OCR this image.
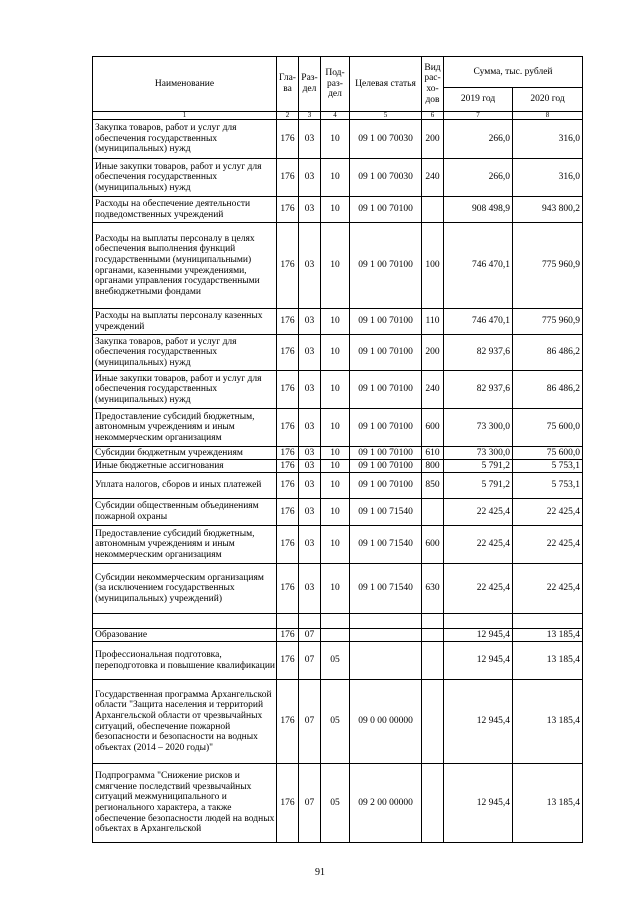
Наименование	Гла-ва	Раз-дел	Под-раз-дел	Целевая статья	Вид рас-хо-дов	Сумма, тыс. рублей	
						2019 год	2020 год
1	2	3	4	5	6	7	8
Закупка товаров, работ и услуг для обеспечения государственных (муниципальных) нужд	176	03	10	09 1 00 70030	200	266,0	316,0
Иные закупки товаров, работ и услуг для обеспечения государственных (муниципальных) нужд	176	03	10	09 1 00 70030	240	266,0	316,0
Расходы на обеспечение деятельности подведомственных учреждений	176	03	10	09 1 00 70100		908 498,9	943 800,2
Расходы на выплаты персоналу в целях обеспечения выполнения функций государственными (муниципальными) органами, казенными учреждениями, органами управления государственными внебюджетными фондами	176	03	10	09 1 00 70100	100	746 470,1	775 960,9
Расходы на выплаты персоналу казенных учреждений	176	03	10	09 1 00 70100	110	746 470,1	775 960,9
Закупка товаров, работ и услуг для обеспечения государственных (муниципальных) нужд	176	03	10	09 1 00 70100	200	82 937,6	86 486,2
Иные закупки товаров, работ и услуг для обеспечения государственных (муниципальных) нужд	176	03	10	09 1 00 70100	240	82 937,6	86 486,2
Предоставление субсидий бюджетным, автономным учреждениям и иным некоммерческим организациям	176	03	10	09 1 00 70100	600	73 300,0	75 600,0
Субсидии бюджетным учреждениям	176	03	10	09 1 00 70100	610	73 300,0	75 600,0
Иные бюджетные ассигнования	176	03	10	09 1 00 70100	800	5 791,2	5 753,1
Уплата налогов, сборов и иных платежей	176	03	10	09 1 00 70100	850	5 791,2	5 753,1
Субсидии общественным объединениям пожарной охраны	176	03	10	09 1 00 71540		22 425,4	22 425,4
Предоставление субсидий бюджетным, автономным учреждениям и иным некоммерческим организациям	176	03	10	09 1 00 71540	600	22 425,4	22 425,4
Субсидии некоммерческим организациям (за исключением государственных (муниципальных) учреждений)	176	03	10	09 1 00 71540	630	22 425,4	22 425,4

Образование	176	07				12 945,4	13 185,4
Профессиональная подготовка, переподготовка и повышение квалификации	176	07	05			12 945,4	13 185,4
Государственная программа Архангельской области "Защита населения и территорий Архангельской области от чрезвычайных ситуаций, обеспечение пожарной безопасности и безопасности на водных объектах (2014 – 2020 годы)"	176	07	05	09 0 00 00000		12 945,4	13 185,4
Подпрограмма "Снижение рисков и смягчение последствий чрезвычайных ситуаций межмуниципального и регионального характера, а также обеспечение безопасности людей на водных объектах в Архангельской	176	07	05	09 2 00 00000		12 945,4	13 185,4
91
